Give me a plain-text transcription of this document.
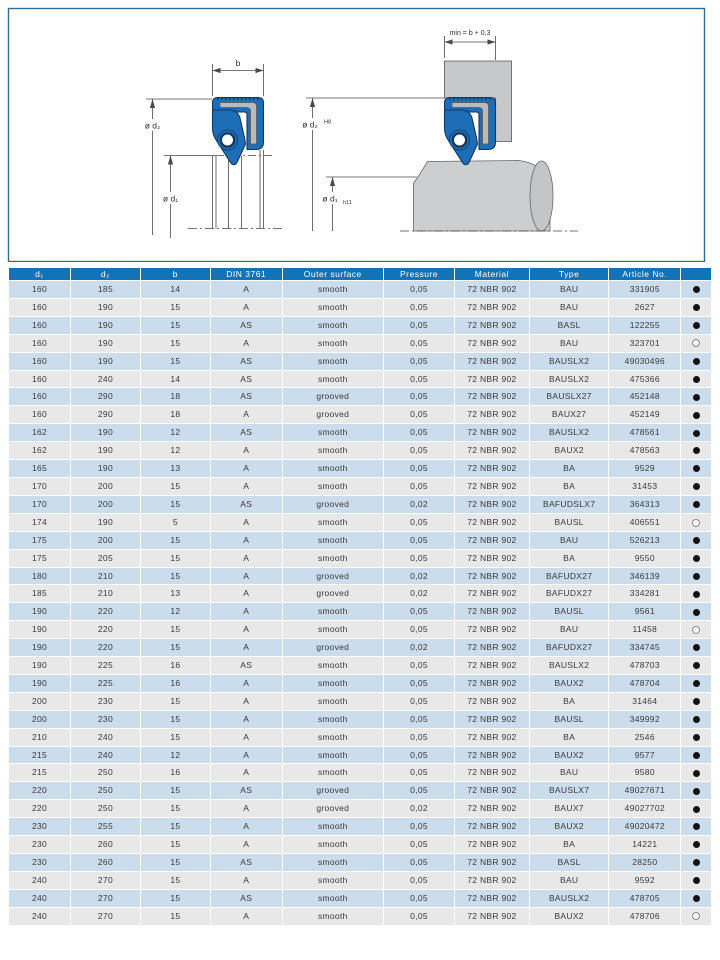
b
ø d₂
ø d₁
min = b + 0,3
ø d₂ H8
ø d₁ h11
d₁	d₂	b	DIN 3761	Outer surface	Pressure	Material	Type	Article No.	
160	185	14	A	smooth	0,05	72 NBR 902	BAU	331905	
160	190	15	A	smooth	0,05	72 NBR 902	BAU	2627	
160	190	15	AS	smooth	0,05	72 NBR 902	BASL	122255	
160	190	15	A	smooth	0,05	72 NBR 902	BAU	323701	
160	190	15	AS	smooth	0,05	72 NBR 902	BAUSLX2	49030496	
160	240	14	AS	smooth	0,05	72 NBR 902	BAUSLX2	475366	
160	290	18	AS	grooved	0,05	72 NBR 902	BAUSLX27	452148	
160	290	18	A	grooved	0,05	72 NBR 902	BAUX27	452149	
162	190	12	AS	smooth	0,05	72 NBR 902	BAUSLX2	478561	
162	190	12	A	smooth	0,05	72 NBR 902	BAUX2	478563	
165	190	13	A	smooth	0,05	72 NBR 902	BA	9529	
170	200	15	A	smooth	0,05	72 NBR 902	BA	31453	
170	200	15	AS	grooved	0,02	72 NBR 902	BAFUDSLX7	364313	
174	190	5	A	smooth	0,05	72 NBR 902	BAUSL	406551	
175	200	15	A	smooth	0,05	72 NBR 902	BAU	526213	
175	205	15	A	smooth	0,05	72 NBR 902	BA	9550	
180	210	15	A	grooved	0,02	72 NBR 902	BAFUDX27	346139	
185	210	13	A	grooved	0,02	72 NBR 902	BAFUDX27	334281	
190	220	12	A	smooth	0,05	72 NBR 902	BAUSL	9561	
190	220	15	A	smooth	0,05	72 NBR 902	BAU	11458	
190	220	15	A	grooved	0,02	72 NBR 902	BAFUDX27	334745	
190	225	16	AS	smooth	0,05	72 NBR 902	BAUSLX2	478703	
190	225	16	A	smooth	0,05	72 NBR 902	BAUX2	478704	
200	230	15	A	smooth	0,05	72 NBR 902	BA	31464	
200	230	15	A	smooth	0,05	72 NBR 902	BAUSL	349992	
210	240	15	A	smooth	0,05	72 NBR 902	BA	2546	
215	240	12	A	smooth	0,05	72 NBR 902	BAUX2	9577	
215	250	16	A	smooth	0,05	72 NBR 902	BAU	9580	
220	250	15	AS	grooved	0,05	72 NBR 902	BAUSLX7	49027671	
220	250	15	A	grooved	0,02	72 NBR 902	BAUX7	49027702	
230	255	15	A	smooth	0,05	72 NBR 902	BAUX2	49020472	
230	260	15	A	smooth	0,05	72 NBR 902	BA	14221	
230	260	15	AS	smooth	0,05	72 NBR 902	BASL	28250	
240	270	15	A	smooth	0,05	72 NBR 902	BAU	9592	
240	270	15	AS	smooth	0,05	72 NBR 902	BAUSLX2	478705	
240	270	15	A	smooth	0,05	72 NBR 902	BAUX2	478706	
